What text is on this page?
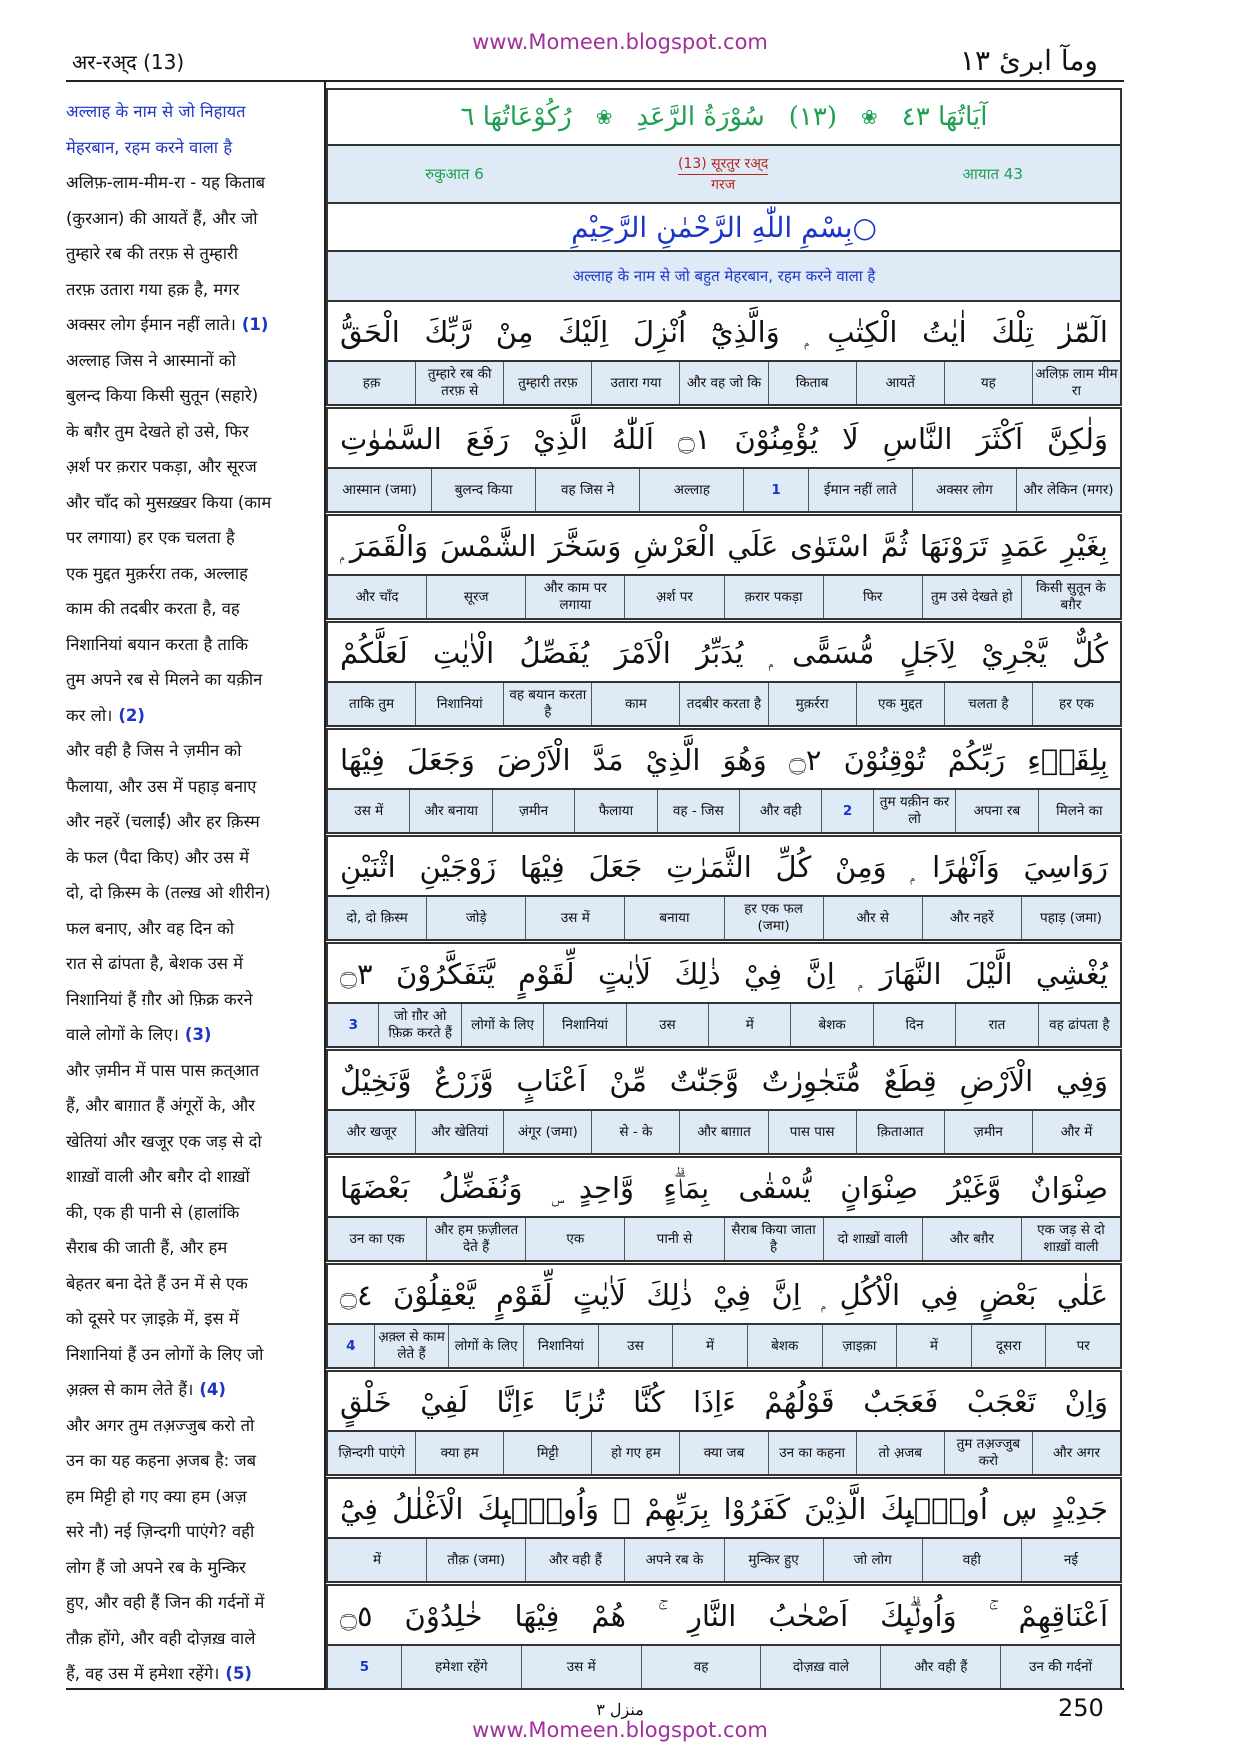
www.Momeen.blogspot.com
अर-रअ्द (13)	ومآ ابرئ ١٣
अल्लाह के नाम से जो निहायत
मेहरबान, रहम करने वाला है
अलिफ़-लाम-मीम-रा - यह किताब
(कुरआन) की आयतें हैं, और जो
तुम्हारे रब की तरफ़ से तुम्हारी
तरफ़ उतारा गया हक़ है, मगर
अक्सर लोग ईमान नहीं लाते। (1)
अल्लाह जिस ने आस्मानों को
बुलन्द किया किसी सुतून (सहारे)
के बग़ैर तुम देखते हो उसे, फिर
अ़र्श पर क़रार पकड़ा, और सूरज
और चाँद को मुसख़्ख़र किया (काम
पर लगाया) हर एक चलता है
एक मुद्दत मुक़र्ररा तक, अल्लाह
काम की तदबीर करता है, वह
निशानियां बयान करता है ताकि
तुम अपने रब से मिलने का यक़ीन
कर लो। (2)
और वही है जिस ने ज़मीन को
फैलाया, और उस में पहाड़ बनाए
और नहरें (चलाईं) और हर क़िस्म
के फल (पैदा किए) और उस में
दो, दो क़िस्म के (तल्ख़ ओ शीरीन)
फल बनाए, और वह दिन को
रात से ढांपता है, बेशक उस में
निशानियां हैं ग़ौर ओ फ़िक्र करने
वाले लोगों के लिए। (3)
और ज़मीन में पास पास क़त्आत
हैं, और बाग़ात हैं अंगूरों के, और
खेतियां और खजूर एक जड़ से दो
शाख़ों वाली और बग़ैर दो शाख़ों
की, एक ही पानी से (हालांकि
सैराब की जाती हैं, और हम
बेहतर बना देते हैं उन में से एक
को दूसरे पर ज़ाइक़े में, इस में
निशानियां हैं उन लोगों के लिए जो
अ़क़्ल से काम लेते हैं। (4)
और अगर तुम तअ़ज्जुब करो तो
उन का यह कहना अ़जब है: जब
हम मिट्टी हो गए क्या हम (अज़
सरे नौ) नई ज़िन्दगी पाएंगे? वही
लोग हैं जो अपने रब के मुन्किर
हुए, और वही हैं जिन की गर्दनों में
तौक़ होंगे, और वही दोज़ख़ वाले
हैं, वह उस में हमेशा रहेंगे। (5)
آيَاتُهَا ٤٣
❀
(١٣)
سُوْرَةُ الرَّعَدِ
❀
رُكُوْعَاتُهَا ٦
रुकुआत 6
(13) सूरतुर रअ्द
गरज
आयात 43
بِسْمِ اللّٰهِ الرَّحْمٰنِ الرَّحِيْمِ○
अल्लाह के नाम से जो बहुत मेहरबान, रहम करने वाला है
الٓمّٓرٰ تِلْكَ اٰيٰتُ الْكِتٰبِ ۭ وَالَّذِيْٓ اُنْزِلَ اِلَيْكَ مِنْ رَّبِّكَ الْحَقُّ
अलिफ़ लाम मीम रा
यह
आयतें
किताब
और वह जो कि
उतारा गया
तुम्हारी तरफ़
तुम्हारे रब की तरफ़ से
हक़
وَلٰكِنَّ اَكْثَرَ النَّاسِ لَا يُؤْمِنُوْنَ ۝١ اَللّٰهُ الَّذِيْ رَفَعَ السَّمٰوٰتِ
और लेकिन (मगर)
अक्सर लोग
ईमान नहीं लाते
1
अल्लाह
वह जिस ने
बुलन्द किया
आस्मान (जमा)
بِغَيْرِ عَمَدٍ تَرَوْنَهَا ثُمَّ اسْتَوٰى عَلَي الْعَرْشِ وَسَخَّرَ الشَّمْسَ وَالْقَمَرَ ۭ
किसी सुतून के बग़ैर
तुम उसे देखते हो
फिर
क़रार पकड़ा
अ़र्श पर
और काम पर लगाया
सूरज
और चाँद
كُلٌّ يَّجْرِيْ لِاَجَلٍ مُّسَمًّى ۭ يُدَبِّرُ الْاَمْرَ يُفَصِّلُ الْاٰيٰتِ لَعَلَّكُمْ
हर एक
चलता है
एक मुद्दत
मुक़र्ररा
तदबीर करता है
काम
वह बयान करता है
निशानियां
ताकि तुम
بِلِقَاۗءِ رَبِّكُمْ تُوْقِنُوْنَ ۝٢ وَهُوَ الَّذِيْ مَدَّ الْاَرْضَ وَجَعَلَ فِيْهَا
मिलने का
अपना रब
तुम यक़ीन कर लो
2
और वही
वह - जिस
फैलाया
ज़मीन
और बनाया
उस में
رَوَاسِيَ وَاَنْهٰرًا ۭ وَمِنْ كُلِّ الثَّمَرٰتِ جَعَلَ فِيْهَا زَوْجَيْنِ اثْنَيْنِ
पहाड़ (जमा)
और नहरें
और से
हर एक फल (जमा)
बनाया
उस में
जोड़े
दो, दो क़िस्म
يُغْشِي الَّيْلَ النَّهَارَ ۭ اِنَّ فِيْ ذٰلِكَ لَاٰيٰتٍ لِّقَوْمٍ يَّتَفَكَّرُوْنَ ۝٣
वह ढांपता है
रात
दिन
बेशक
में
उस
निशानियां
लोगों के लिए
जो ग़ौर ओ फ़िक्र करते हैं
3
وَفِي الْاَرْضِ قِطَعٌ مُّتَجٰوِرٰتٌ وَّجَنّٰتٌ مِّنْ اَعْنَابٍ وَّزَرْعٌ وَّنَخِيْلٌ
और में
ज़मीन
क़िताआत
पास पास
और बाग़ात
से - के
अंगूर (जमा)
और खेतियां
और खजूर
صِنْوَانٌ وَّغَيْرُ صِنْوَانٍ يُّسْقٰى بِمَاۗءٍ وَّاحِدٍ ۣ وَنُفَضِّلُ بَعْضَهَا
एक जड़ से दो शाख़ों वाली
और बग़ैर
दो शाख़ों वाली
सैराब किया जाता है
पानी से
एक
और हम फ़ज़ीलत देते हैं
उन का एक
عَلٰي بَعْضٍ فِي الْاُكُلِ ۭ اِنَّ فِيْ ذٰلِكَ لَاٰيٰتٍ لِّقَوْمٍ يَّعْقِلُوْنَ ۝٤
पर
दूसरा
में
ज़ाइक़ा
बेशक
में
उस
निशानियां
लोगों के लिए
अ़क़्ल से काम लेते हैं
4
وَاِنْ تَعْجَبْ فَعَجَبٌ قَوْلُهُمْ ءَاِذَا كُنَّا تُرٰبًا ءَاِنَّا لَفِيْ خَلْقٍ
और अगर
तुम तअ़ज्जुब करो
तो अ़जब
उन का कहना
क्या जब
हो गए हम
मिट्टी
क्या हम
ज़िन्दगी पाएंगे
جَدِيْدٍ ڛ اُولٰۗىِٕكَ الَّذِيْنَ كَفَرُوْا بِرَبِّهِمْ ۚ وَاُولٰۗىِٕكَ الْاَغْلٰلُ فِيْٓ
नई
वही
जो लोग
मुन्किर हुए
अपने रब के
और वही हैं
तौक़ (जमा)
में
اَعْنَاقِهِمْ ۚ وَاُولٰۗىِٕكَ اَصْحٰبُ النَّارِ ۚ هُمْ فِيْهَا خٰلِدُوْنَ ۝٥
उन की गर्दनों
और वही हैं
दोज़ख़ वाले
वह
उस में
हमेशा रहेंगे
5
منزل ٣	250
www.Momeen.blogspot.com
